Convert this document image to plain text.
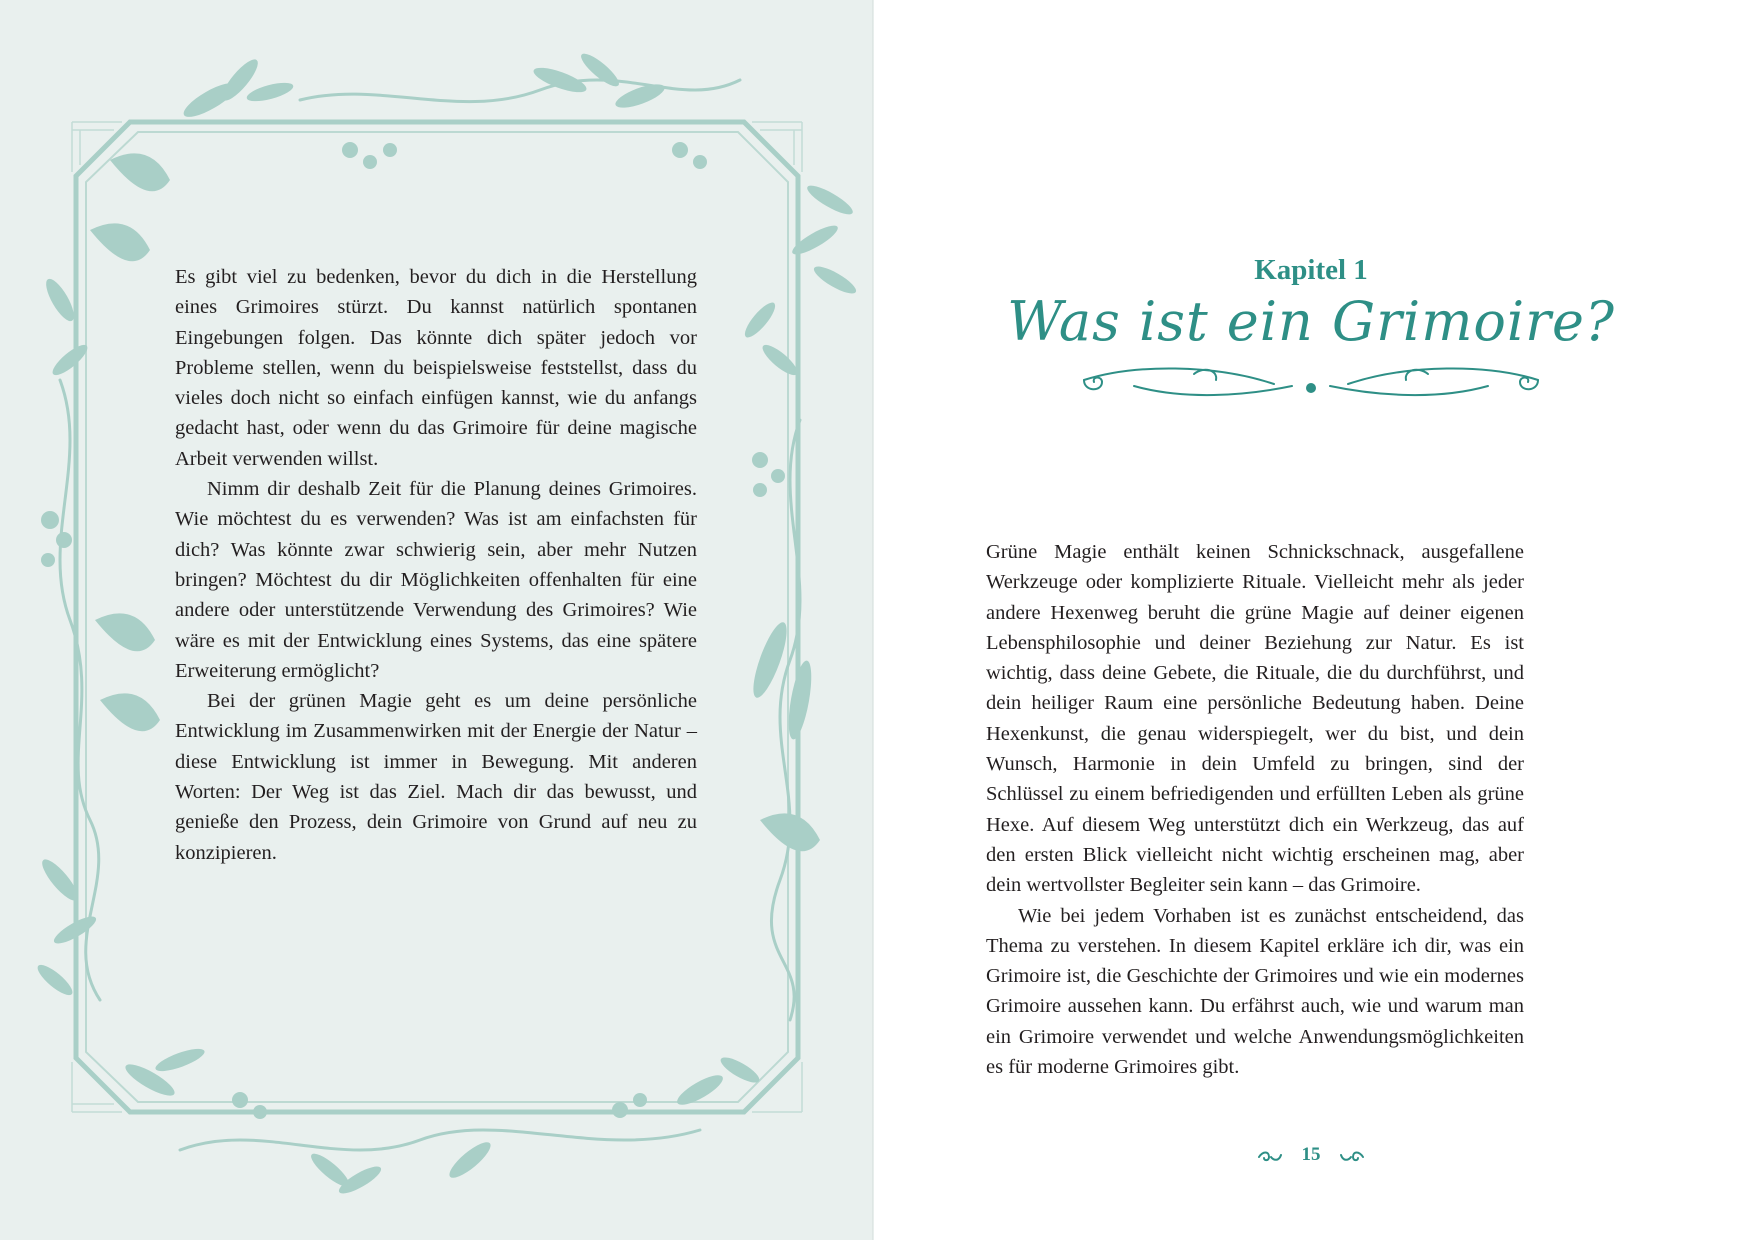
Es gibt viel zu bedenken, bevor du dich in die Herstellung eines Grimoires stürzt. Du kannst natürlich spontanen Eingebungen folgen. Das könnte dich später jedoch vor Probleme stellen, wenn du beispielsweise feststellst, dass du vieles doch nicht so einfach einfügen kannst, wie du anfangs gedacht hast, oder wenn du das Grimoire für deine magische Arbeit verwenden willst.

Nimm dir deshalb Zeit für die Planung deines Grimoires. Wie möchtest du es verwenden? Was ist am einfachsten für dich? Was könnte zwar schwierig sein, aber mehr Nutzen bringen? Möchtest du dir Möglichkeiten offenhalten für eine andere oder unterstützende Verwendung des Grimoires? Wie wäre es mit der Entwicklung eines Systems, das eine spätere Erweiterung ermöglicht?

Bei der grünen Magie geht es um deine persönliche Entwicklung im Zusammenwirken mit der Energie der Natur – diese Entwicklung ist immer in Bewegung. Mit anderen Worten: Der Weg ist das Ziel. Mach dir das bewusst, und genieße den Prozess, dein Grimoire von Grund auf neu zu konzipieren.

Kapitel 1
Was ist ein Grimoire?

Grüne Magie enthält keinen Schnickschnack, ausgefallene Werkzeuge oder komplizierte Rituale. Vielleicht mehr als jeder andere Hexenweg beruht die grüne Magie auf deiner eigenen Lebensphilosophie und deiner Beziehung zur Natur. Es ist wichtig, dass deine Gebete, die Rituale, die du durchführst, und dein heiliger Raum eine persönliche Bedeutung haben. Deine Hexenkunst, die genau widerspiegelt, wer du bist, und dein Wunsch, Harmonie in dein Umfeld zu bringen, sind der Schlüssel zu einem befriedigenden und erfüllten Leben als grüne Hexe. Auf diesem Weg unterstützt dich ein Werkzeug, das auf den ersten Blick vielleicht nicht wichtig erscheinen mag, aber dein wertvollster Begleiter sein kann – das Grimoire.

Wie bei jedem Vorhaben ist es zunächst entscheidend, das Thema zu verstehen. In diesem Kapitel erkläre ich dir, was ein Grimoire ist, die Geschichte der Grimoires und wie ein modernes Grimoire aussehen kann. Du erfährst auch, wie und warum man ein Grimoire verwendet und welche Anwendungsmöglichkeiten es für moderne Grimoires gibt.

15
